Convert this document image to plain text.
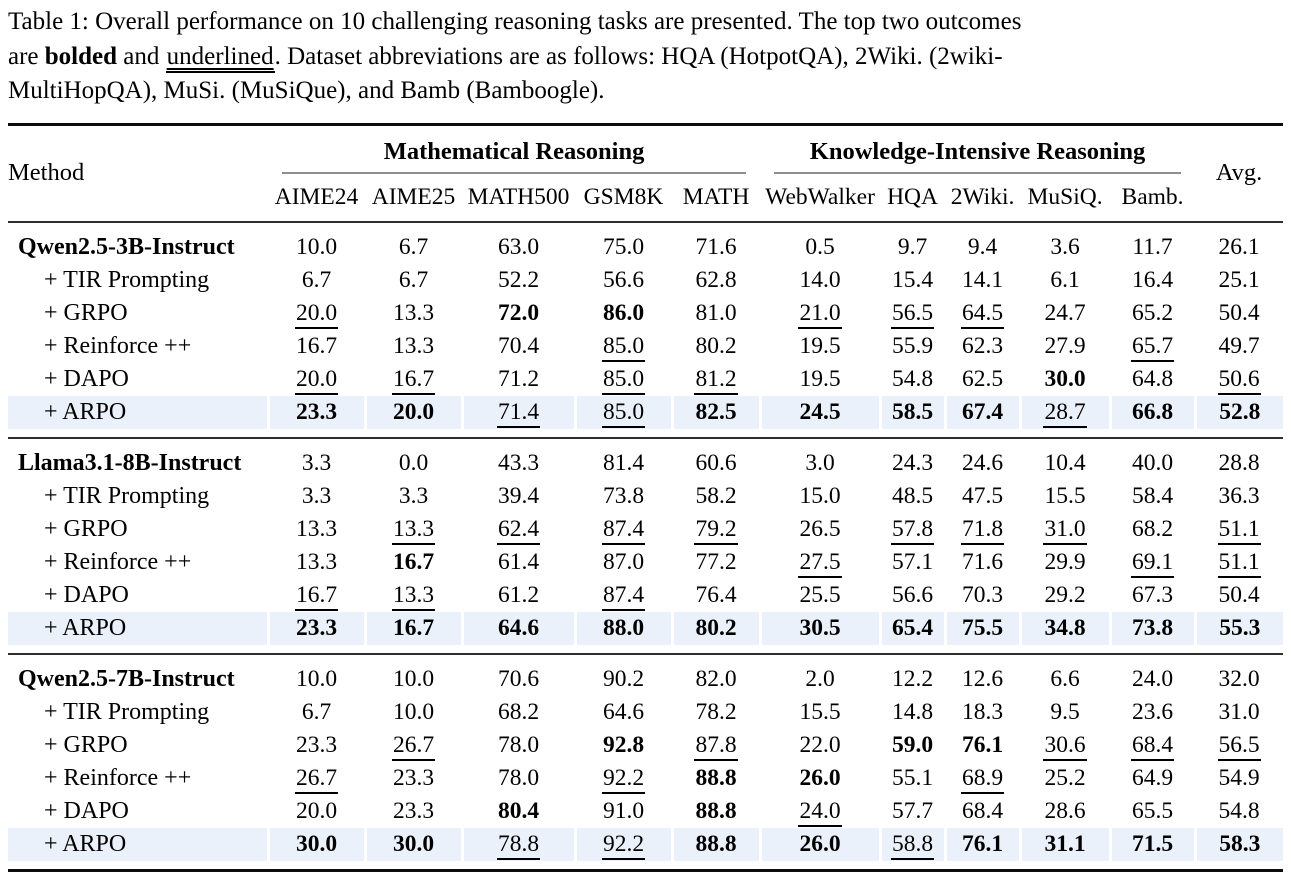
Table 1: Overall performance on 10 challenging reasoning tasks are presented. The top two outcomes
are bolded and underlined. Dataset abbreviations are as follows: HQA (HotpotQA), 2Wiki. (2wiki-
MultiHopQA), MuSi. (MuSiQue), and Bamb (Bamboogle).
Method	Mathematical Reasoning					Knowledge-Intensive Reasoning					Avg.
	AIME24	AIME25	MATH500	GSM8K	MATH	WebWalker	HQA	2Wiki.	MuSiQ.	Bamb.	

Qwen2.5-3B-Instruct	10.0	6.7	63.0	75.0	71.6	0.5	9.7	9.4	3.6	11.7	26.1
+ TIR Prompting	6.7	6.7	52.2	56.6	62.8	14.0	15.4	14.1	6.1	16.4	25.1
+ GRPO	20.0	13.3	72.0	86.0	81.0	21.0	56.5	64.5	24.7	65.2	50.4
+ Reinforce ++	16.7	13.3	70.4	85.0	80.2	19.5	55.9	62.3	27.9	65.7	49.7
+ DAPO	20.0	16.7	71.2	85.0	81.2	19.5	54.8	62.5	30.0	64.8	50.6
+ ARPO	23.3	20.0	71.4	85.0	82.5	24.5	58.5	67.4	28.7	66.8	52.8

Llama3.1-8B-Instruct	3.3	0.0	43.3	81.4	60.6	3.0	24.3	24.6	10.4	40.0	28.8
+ TIR Prompting	3.3	3.3	39.4	73.8	58.2	15.0	48.5	47.5	15.5	58.4	36.3
+ GRPO	13.3	13.3	62.4	87.4	79.2	26.5	57.8	71.8	31.0	68.2	51.1
+ Reinforce ++	13.3	16.7	61.4	87.0	77.2	27.5	57.1	71.6	29.9	69.1	51.1
+ DAPO	16.7	13.3	61.2	87.4	76.4	25.5	56.6	70.3	29.2	67.3	50.4
+ ARPO	23.3	16.7	64.6	88.0	80.2	30.5	65.4	75.5	34.8	73.8	55.3

Qwen2.5-7B-Instruct	10.0	10.0	70.6	90.2	82.0	2.0	12.2	12.6	6.6	24.0	32.0
+ TIR Prompting	6.7	10.0	68.2	64.6	78.2	15.5	14.8	18.3	9.5	23.6	31.0
+ GRPO	23.3	26.7	78.0	92.8	87.8	22.0	59.0	76.1	30.6	68.4	56.5
+ Reinforce ++	26.7	23.3	78.0	92.2	88.8	26.0	55.1	68.9	25.2	64.9	54.9
+ DAPO	20.0	23.3	80.4	91.0	88.8	24.0	57.7	68.4	28.6	65.5	54.8
+ ARPO	30.0	30.0	78.8	92.2	88.8	26.0	58.8	76.1	31.1	71.5	58.3
